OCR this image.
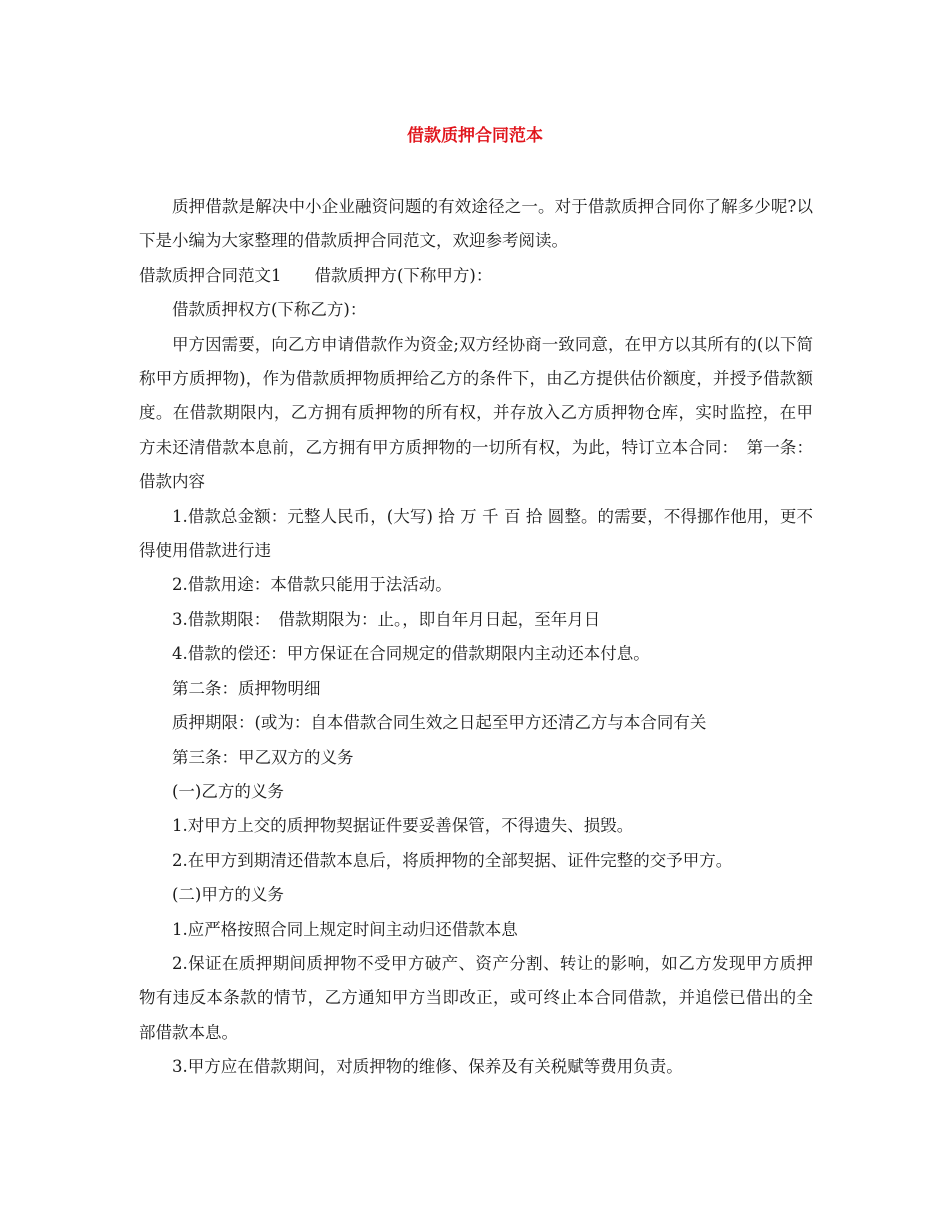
借款质押合同范本

质押借款是解决中小企业融资问题的有效途径之一。对于借款质押合同你了解多少呢?以下是小编为大家整理的借款质押合同范文，欢迎参考阅读。

借款质押合同范文1　　借款质押方(下称甲方)：

借款质押权方(下称乙方)：

甲方因需要，向乙方申请借款作为资金;双方经协商一致同意，在甲方以其所有的(以下简称甲方质押物)，作为借款质押物质押给乙方的条件下，由乙方提供估价额度，并授予借款额度。在借款期限内，乙方拥有质押物的所有权，并存放入乙方质押物仓库，实时监控，在甲方未还清借款本息前，乙方拥有甲方质押物的一切所有权，为此，特订立本合同：　第一条：借款内容

1.借款总金额：元整人民币，(大写) 拾 万 千 百 拾 圆整。的需要，不得挪作他用，更不得使用借款进行违

2.借款用途：本借款只能用于法活动。

3.借款期限：　借款期限为：止。，即自年月日起，至年月日

4.借款的偿还：甲方保证在合同规定的借款期限内主动还本付息。

第二条：质押物明细

质押期限：(或为：自本借款合同生效之日起至甲方还清乙方与本合同有关

第三条：甲乙双方的义务

(一)乙方的义务

1.对甲方上交的质押物契据证件要妥善保管，不得遗失、损毁。

2.在甲方到期清还借款本息后，将质押物的全部契据、证件完整的交予甲方。

(二)甲方的义务

1.应严格按照合同上规定时间主动归还借款本息

2.保证在质押期间质押物不受甲方破产、资产分割、转让的影响，如乙方发现甲方质押物有违反本条款的情节，乙方通知甲方当即改正，或可终止本合同借款，并追偿已借出的全部借款本息。

3.甲方应在借款期间，对质押物的维修、保养及有关税赋等费用负责。
